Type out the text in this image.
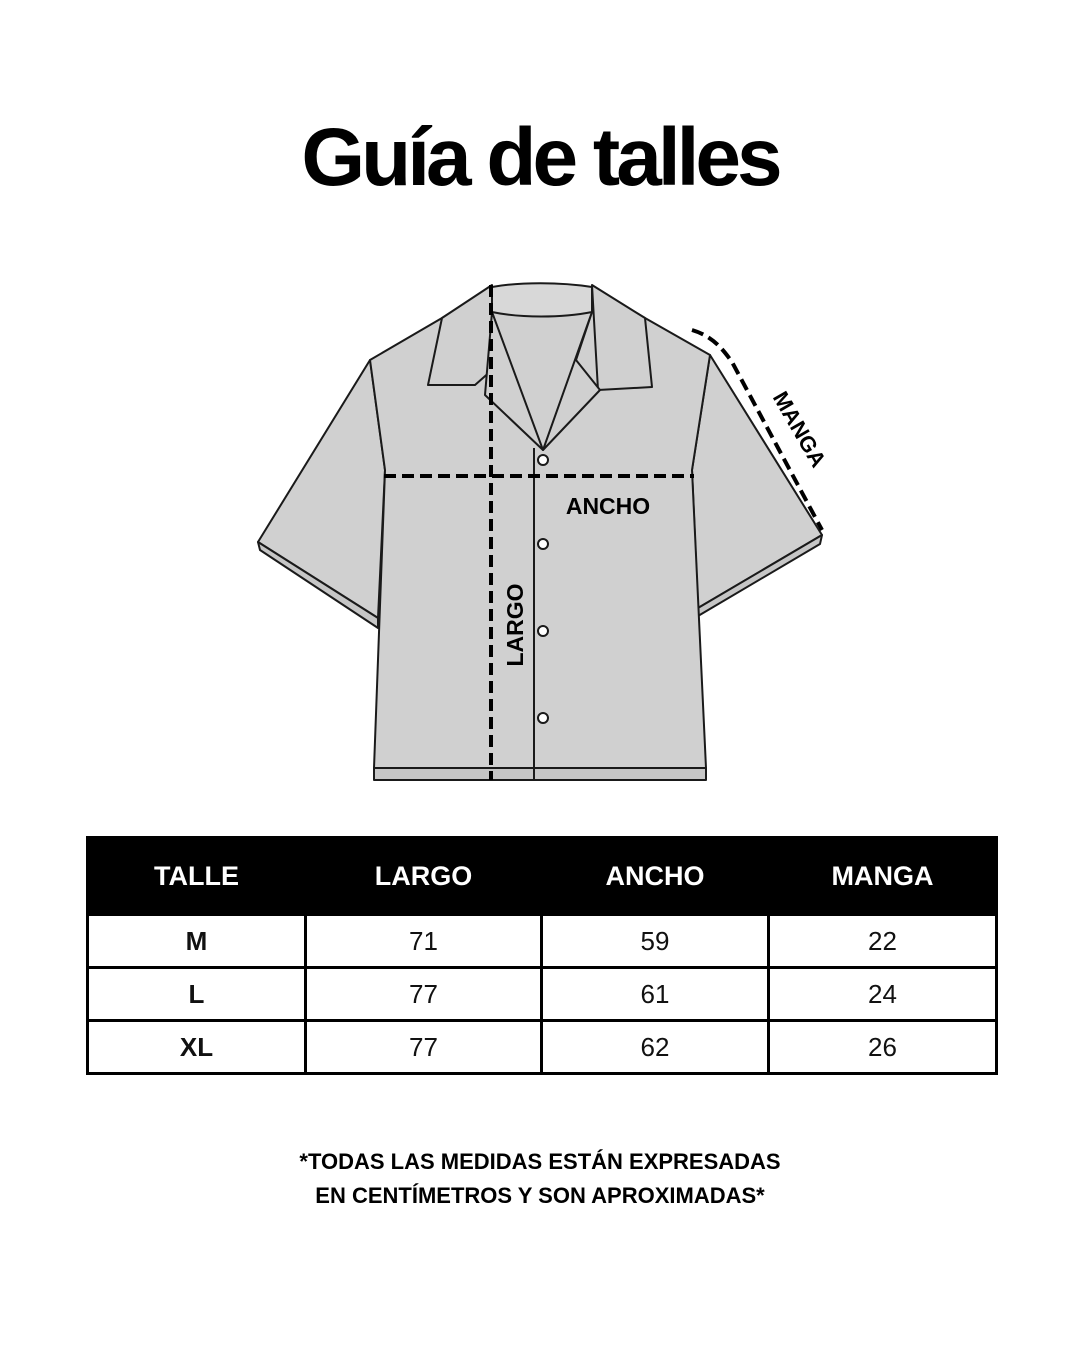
Guía de talles
MANGA
ANCHO
LARGO
TALLE	LARGO	ANCHO	MANGA
M	71	59	22
L	77	61	24
XL	77	62	26
*TODAS LAS MEDIDAS ESTÁN EXPRESADAS
EN CENTÍMETROS Y SON APROXIMADAS*
